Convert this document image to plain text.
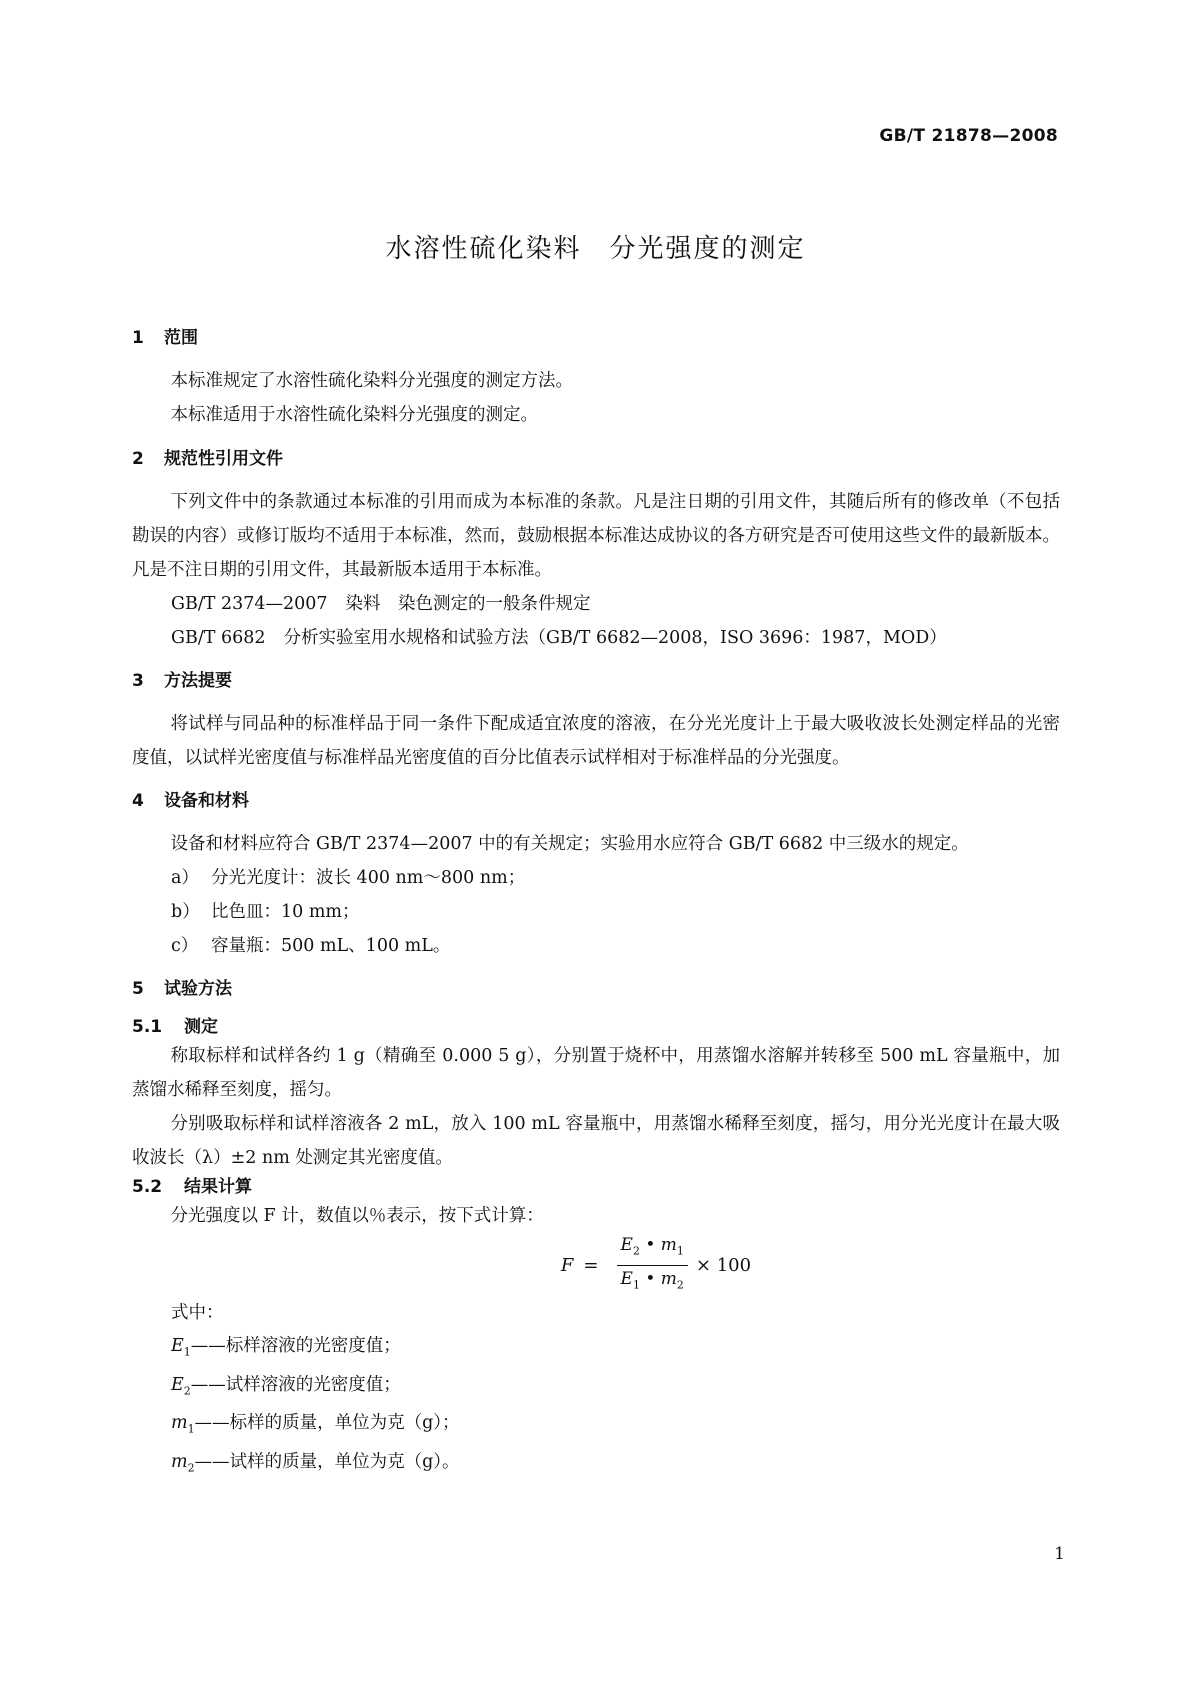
GB/T 21878—2008
水溶性硫化染料　分光强度的测定
1 范围

本标准规定了水溶性硫化染料分光强度的测定方法。

本标准适用于水溶性硫化染料分光强度的测定。

2 规范性引用文件

下列文件中的条款通过本标准的引用而成为本标准的条款。凡是注日期的引用文件，其随后所有的修改单（不包括勘误的内容）或修订版均不适用于本标准，然而，鼓励根据本标准达成协议的各方研究是否可使用这些文件的最新版本。凡是不注日期的引用文件，其最新版本适用于本标准。

GB/T 2374—2007 染料　染色测定的一般条件规定
GB/T 6682 分析实验室用水规格和试验方法（GB/T 6682—2008，ISO 3696：1987，MOD）
3 方法提要

将试样与同品种的标准样品于同一条件下配成适宜浓度的溶液，在分光光度计上于最大吸收波长处测定样品的光密度值，以试样光密度值与标准样品光密度值的百分比值表示试样相对于标准样品的分光强度。

4 设备和材料

设备和材料应符合 GB/T 2374—2007 中的有关规定；实验用水应符合 GB/T 6682 中三级水的规定。

a） 分光光度计：波长 400 nm～800 nm；
b） 比色皿：10 mm；
c） 容量瓶：500 mL、100 mL。
5 试验方法
5.1 测定

称取标样和试样各约 1 g（精确至 0.000 5 g），分别置于烧杯中，用蒸馏水溶解并转移至 500 mL 容量瓶中，加蒸馏水稀释至刻度，摇匀。

分别吸取标样和试样溶液各 2 mL，放入 100 mL 容量瓶中，用蒸馏水稀释至刻度，摇匀，用分光光度计在最大吸收波长（λ）±2 nm 处测定其光密度值。

5.2 结果计算

分光强度以 F 计，数值以％表示，按下式计算：

$F = \frac{E_2 • m_1}{E_1 • m_2} \times 100$
式中：
$E_1——$标样溶液的光密度值；
$E_2——$试样溶液的光密度值；
$m_1——$标样的质量，单位为克（g）；
$m_2——$试样的质量，单位为克（g）。
1
